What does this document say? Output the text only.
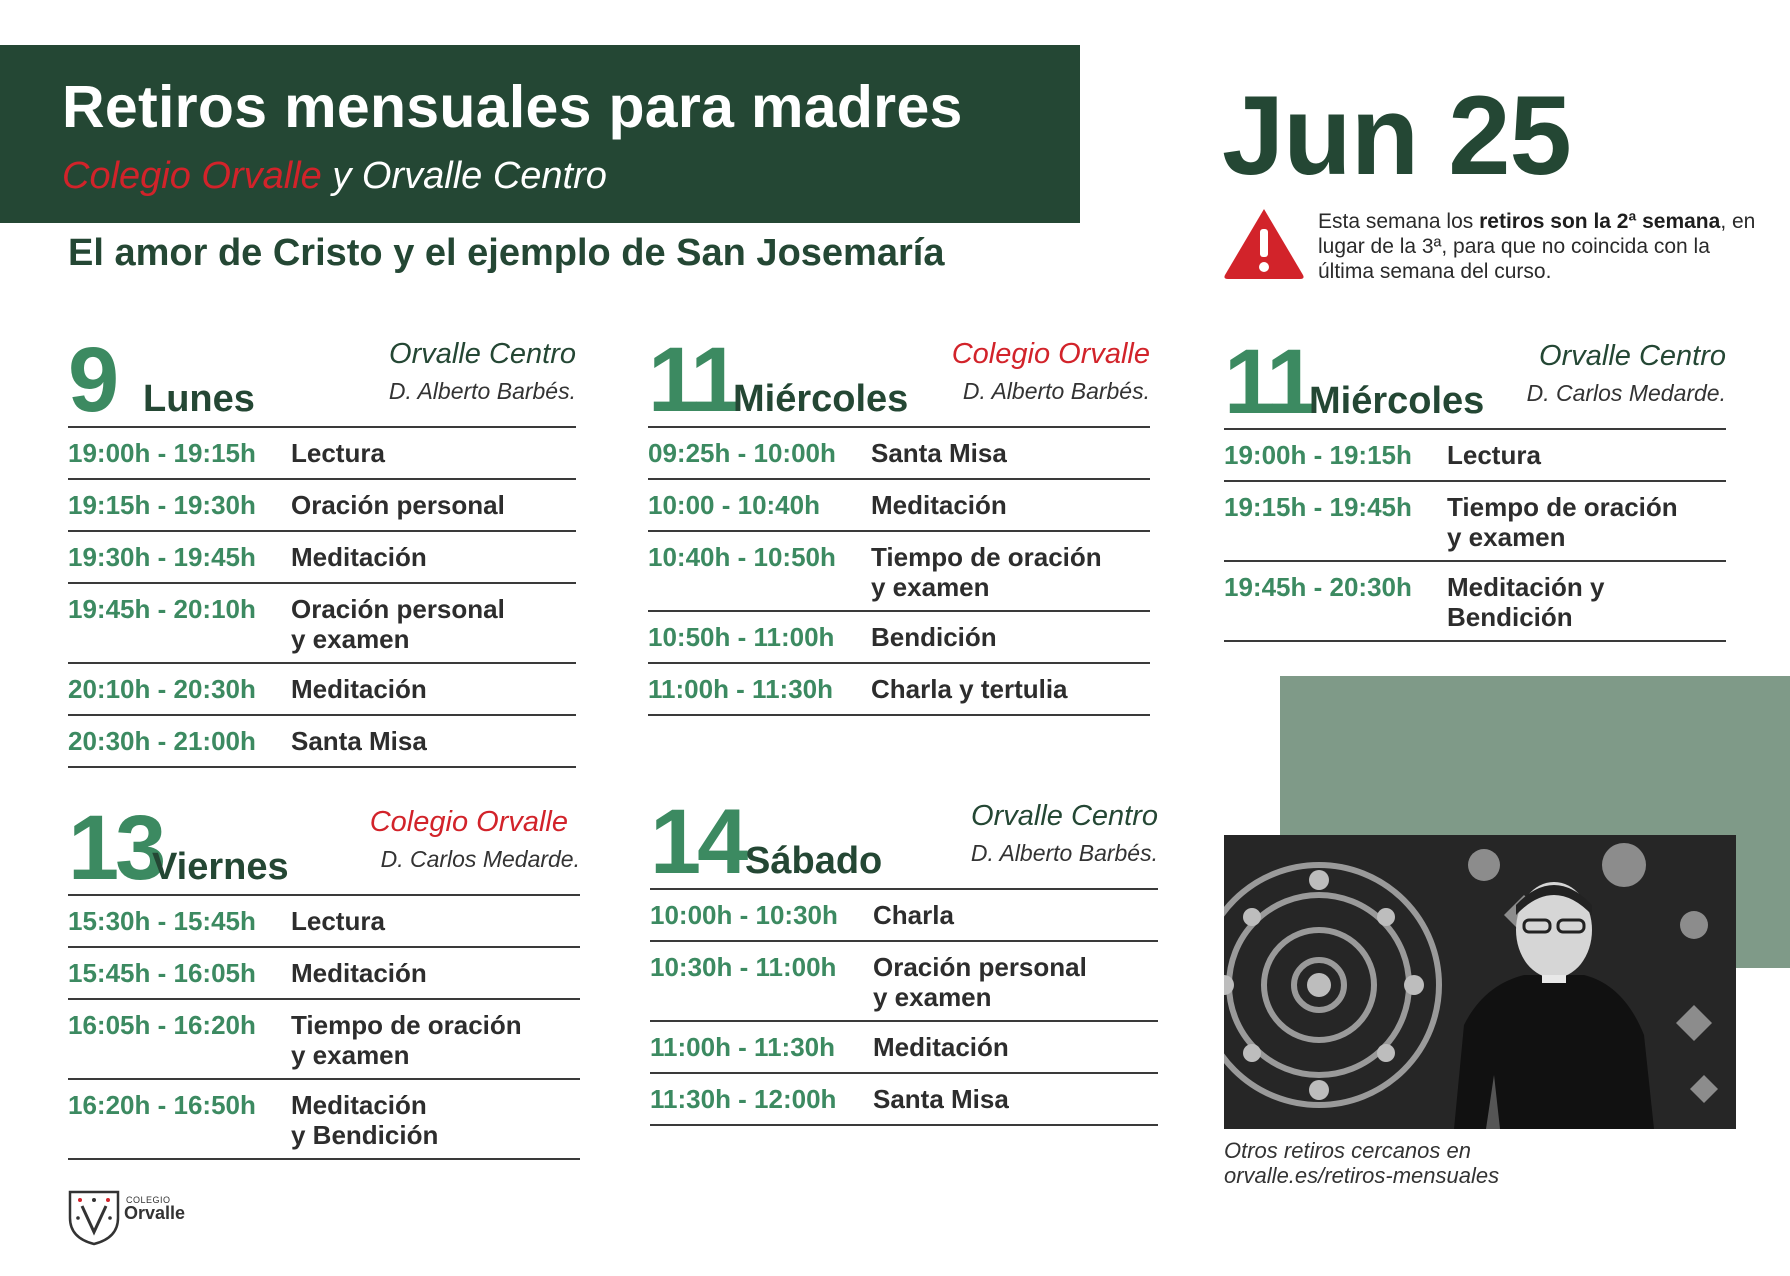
Retiros mensuales para madres
Colegio Orvalle y Orvalle Centro
El amor de Cristo y el ejemplo de San Josemaría
Jun 25
Esta semana los retiros son la 2ª semana, en lugar de la 3ª, para que no coincida con la última semana del curso.
9 Lunes
Orvalle Centro
D. Alberto Barbés.
19:00h - 19:15h	Lectura
19:15h - 19:30h	Oración personal
19:30h - 19:45h	Meditación
19:45h - 20:10h	Oración personal
y examen
20:10h - 20:30h	Meditación
20:30h - 21:00h	Santa Misa
11
Miércoles
Colegio Orvalle
D. Alberto Barbés.
09:25h - 10:00h	Santa Misa
10:00 - 10:40h	Meditación
10:40h - 10:50h	Tiempo de oración
y examen
10:50h - 11:00h	Bendición
11:00h - 11:30h	Charla y tertulia
11
Miércoles
Orvalle Centro
D. Carlos Medarde.
19:00h - 19:15h	Lectura
19:15h - 19:45h	Tiempo de oración
y examen
19:45h - 20:30h	Meditación y
Bendición
13
Viernes
Colegio Orvalle
D. Carlos Medarde.
15:30h - 15:45h	Lectura
15:45h - 16:05h	Meditación
16:05h - 16:20h	Tiempo de oración
y examen
16:20h - 16:50h	Meditación
y Bendición
14 Sábado
Orvalle Centro
D. Alberto Barbés.
10:00h - 10:30h	Charla
10:30h - 11:00h	Oración personal
y examen
11:00h - 11:30h	Meditación
11:30h - 12:00h	Santa Misa
Otros retiros cercanos en
orvalle.es/retiros-mensuales
COLEGIO
Orvalle
